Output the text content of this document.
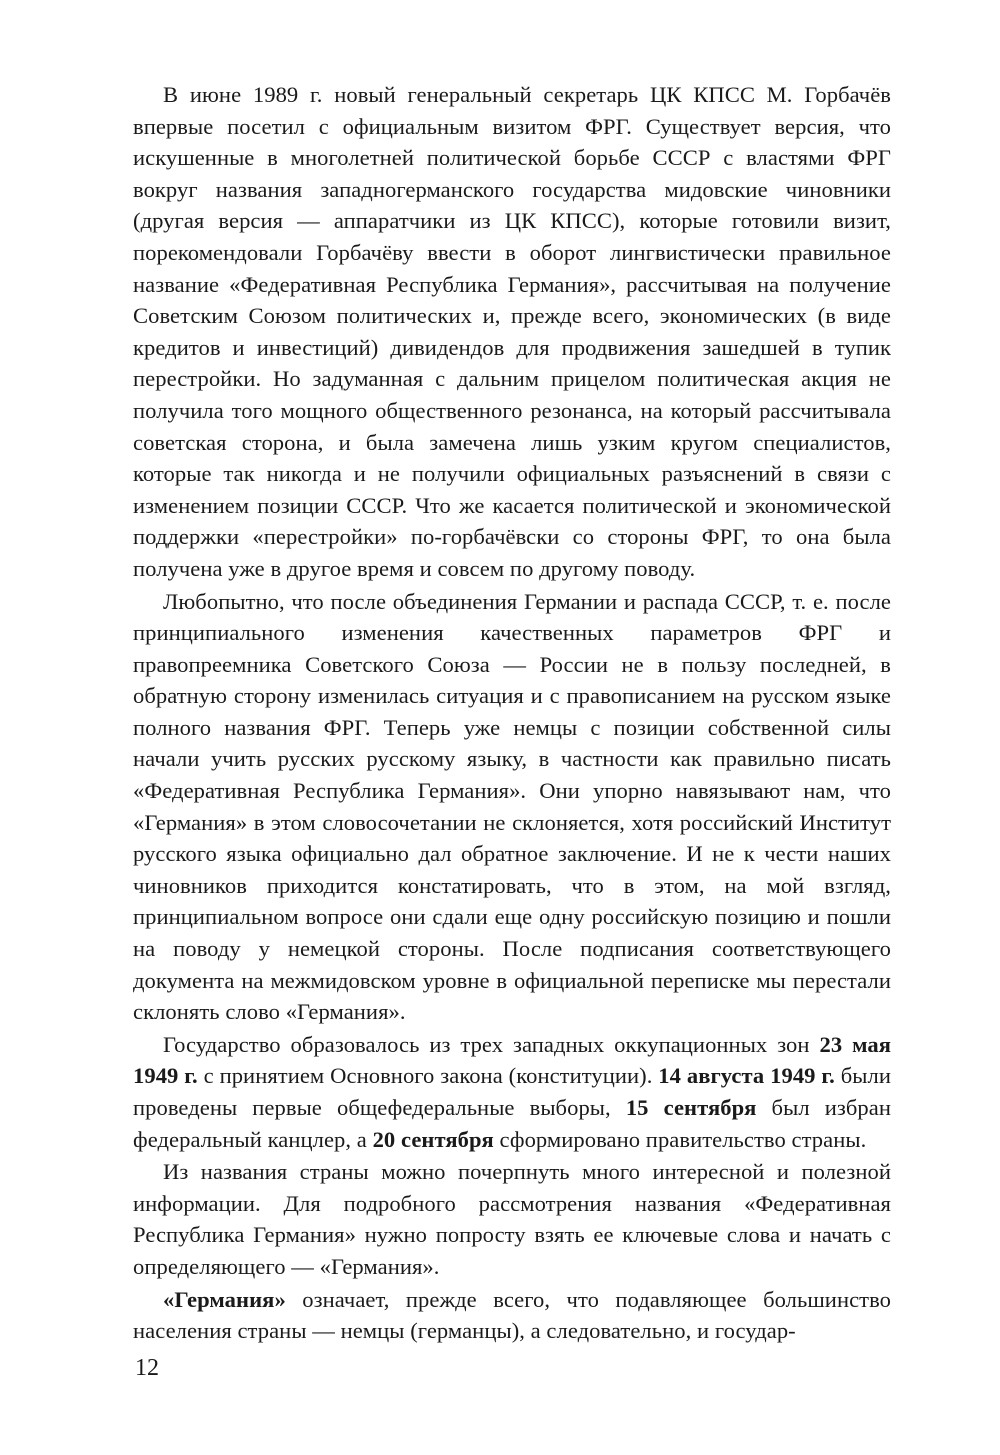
В июне 1989 г. новый генеральный секретарь ЦК КПСС М. Горбачёв впервые посетил с официальным визитом ФРГ. Существует версия, что искушенные в многолетней политической борьбе СССР с властями ФРГ вокруг названия западногерманского государства мидовские чиновники (другая версия — аппаратчики из ЦК КПСС), которые готовили визит, порекомендовали Горбачёву ввести в оборот лингвистически правильное название «Федеративная Республика Германия», рассчитывая на получение Советским Союзом политических и, прежде всего, экономических (в виде кредитов и инвестиций) дивидендов для продвижения зашедшей в тупик перестройки. Но задуманная с дальним прицелом политическая акция не получила того мощного общественного резонанса, на который рассчитывала советская сторона, и была замечена лишь узким кругом специалистов, которые так никогда и не получили официальных разъяснений в связи с изменением позиции СССР. Что же касается политической и экономической поддержки «перестройки» по-горбачёвски со стороны ФРГ, то она была получена уже в другое время и совсем по другому поводу.

Любопытно, что после объединения Германии и распада СССР, т. е. после принципиального изменения качественных параметров ФРГ и правопреемника Советского Союза — России не в пользу последней, в обратную сторону изменилась ситуация и с правописанием на русском языке полного названия ФРГ. Теперь уже немцы с позиции собственной силы начали учить русских русскому языку, в частности как правильно писать «Федеративная Республика Германия». Они упорно навязывают нам, что «Германия» в этом словосочетании не склоняется, хотя российский Институт русского языка официально дал обратное заключение. И не к чести наших чиновников приходится констатировать, что в этом, на мой взгляд, принципиальном вопросе они сдали еще одну российскую позицию и пошли на поводу у немецкой стороны. После подписания соответствующего документа на межмидовском уровне в официальной переписке мы перестали склонять слово «Германия».

Государство образовалось из трех западных оккупационных зон 23 мая 1949 г. с принятием Основного закона (конституции). 14 августа 1949 г. были проведены первые общефедеральные выборы, 15 сентября был избран федеральный канцлер, а 20 сентября сформировано правительство страны.

Из названия страны можно почерпнуть много интересной и полезной информации. Для подробного рассмотрения названия «Федеративная Республика Германия» нужно попросту взять ее ключевые слова и начать с определяющего — «Германия».

«Германия» означает, прежде всего, что подавляющее большинство населения страны — немцы (германцы), а следовательно, и государ-

12
